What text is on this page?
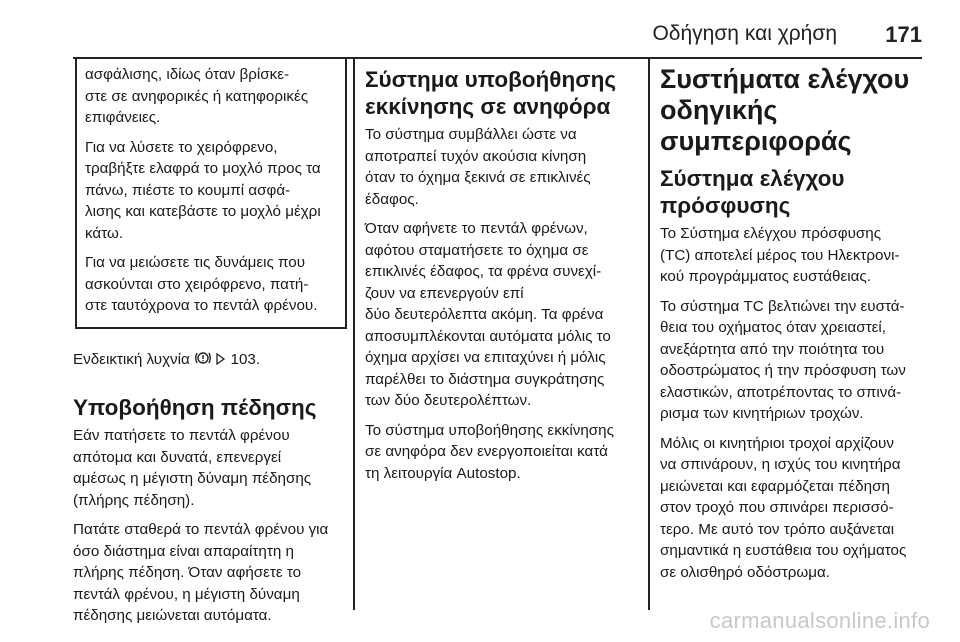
Οδήγηση και χρήση 171

ασφάλισης, ιδίως όταν βρίσκε-
στε σε ανηφορικές ή κατηφορικές
επιφάνειες.

Για να λύσετε το χειρόφρενο,
τραβήξτε ελαφρά το μοχλό προς τα
πάνω, πιέστε το κουμπί ασφά-
λισης και κατεβάστε το μοχλό μέχρι
κάτω.

Για να μειώσετε τις δυνάμεις που
ασκούνται στο χειρόφρενο, πατή-
στε ταυτόχρονα το πεντάλ φρένου.

Ενδεικτική λυχνία	103.

Υποβοήθηση πέδησης

Εάν πατήσετε το πεντάλ φρένου
απότομα και δυνατά, επενεργεί
αμέσως η μέγιστη δύναμη πέδησης
(πλήρης πέδηση).

Πατάτε σταθερά το πεντάλ φρένου για
όσο διάστημα είναι απαραίτητη η
πλήρης πέδηση. Όταν αφήσετε το
πεντάλ φρένου, η μέγιστη δύναμη
πέδησης μειώνεται αυτόματα.

Σύστημα υποβοήθησης
εκκίνησης σε ανηφόρα

Το σύστημα συμβάλλει ώστε να
αποτραπεί τυχόν ακούσια κίνηση
όταν το όχημα ξεκινά σε επικλινές
έδαφος.

Όταν αφήνετε το πεντάλ φρένων,
αφότου σταματήσετε το όχημα σε
επικλινές έδαφος, τα φρένα συνεχί-
ζουν να επενεργούν επί
δύο δευτερόλεπτα ακόμη. Τα φρένα
αποσυμπλέκονται αυτόματα μόλις το
όχημα αρχίσει να επιταχύνει ή μόλις
παρέλθει το διάστημα συγκράτησης
των δύο δευτερολέπτων.

Το σύστημα υποβοήθησης εκκίνησης
σε ανηφόρα δεν ενεργοποιείται κατά
τη λειτουργία Autostop.

Συστήματα ελέγχου
οδηγικής
συμπεριφοράς
Σύστημα ελέγχου
πρόσφυσης

Το Σύστημα ελέγχου πρόσφυσης
(TC) αποτελεί μέρος του Ηλεκτρονι-
κού προγράμματος ευστάθειας.

Το σύστημα TC βελτιώνει την ευστά-
θεια του οχήματος όταν χρειαστεί,
ανεξάρτητα από την ποιότητα του
οδοστρώματος ή την πρόσφυση των
ελαστικών, αποτρέποντας το σπινά-
ρισμα των κινητήριων τροχών.

Μόλις οι κινητήριοι τροχοί αρχίζουν
να σπινάρουν, η ισχύς του κινητήρα
μειώνεται και εφαρμόζεται πέδηση
στον τροχό που σπινάρει περισσό-
τερο. Με αυτό τον τρόπο αυξάνεται
σημαντικά η ευστάθεια του οχήματος
σε ολισθηρό οδόστρωμα.

carmanualsonline.info
